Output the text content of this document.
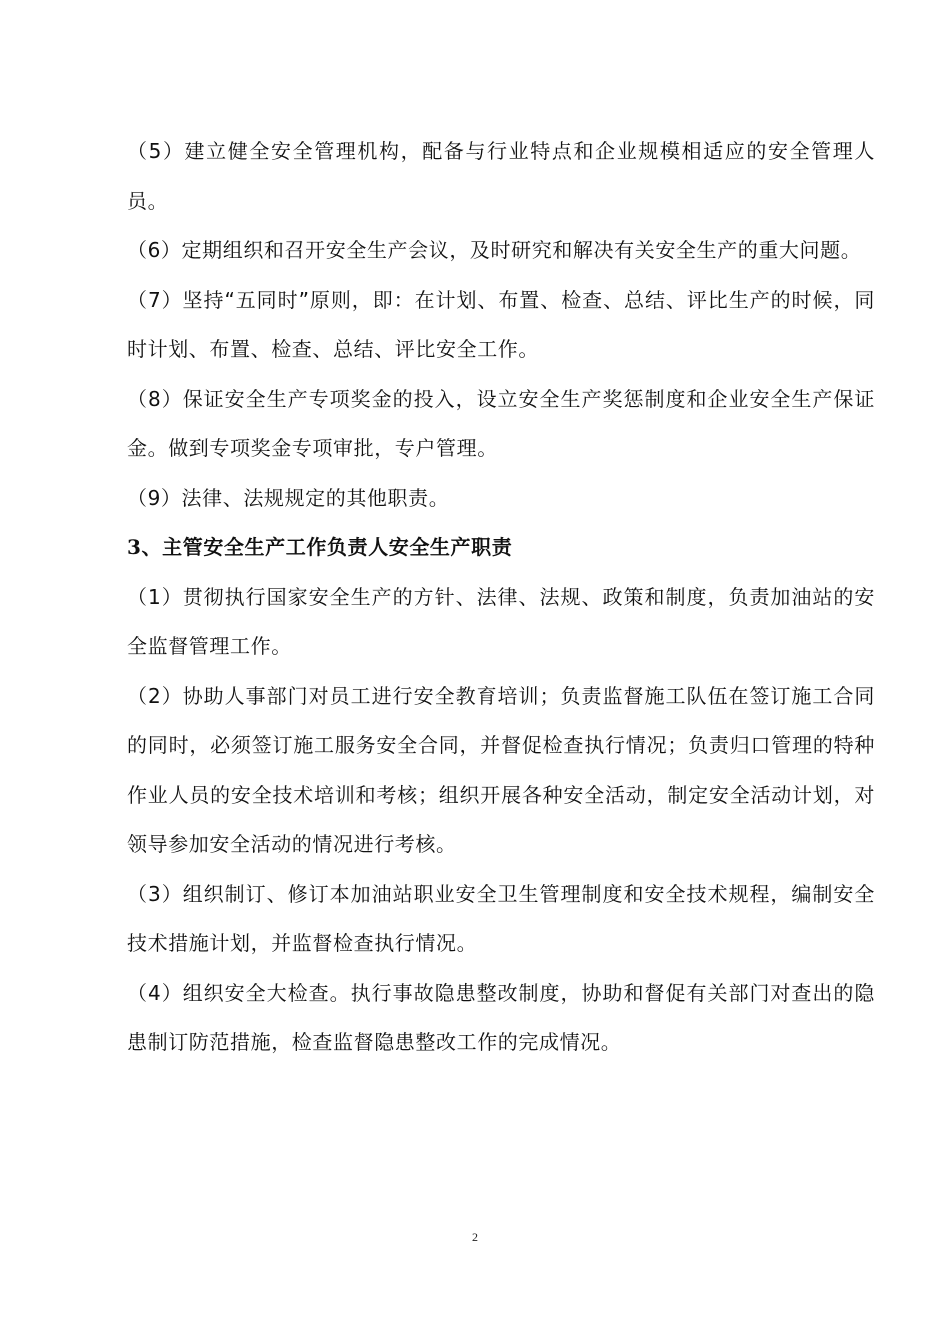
（5）建立健全安全管理机构，配备与行业特点和企业规模相适应的安全管理人员。

（6）定期组织和召开安全生产会议，及时研究和解决有关安全生产的重大问题。

（7）坚持“五同时”原则，即：在计划、布置、检查、总结、评比生产的时候，同时计划、布置、检查、总结、评比安全工作。

（8）保证安全生产专项奖金的投入，设立安全生产奖惩制度和企业安全生产保证金。做到专项奖金专项审批，专户管理。

（9）法律、法规规定的其他职责。

3、主管安全生产工作负责人安全生产职责

（1）贯彻执行国家安全生产的方针、法律、法规、政策和制度，负责加油站的安全监督管理工作。

（2）协助人事部门对员工进行安全教育培训；负责监督施工队伍在签订施工合同的同时，必须签订施工服务安全合同，并督促检查执行情况；负责归口管理的特种作业人员的安全技术培训和考核；组织开展各种安全活动，制定安全活动计划，对领导参加安全活动的情况进行考核。

（3）组织制订、修订本加油站职业安全卫生管理制度和安全技术规程，编制安全技术措施计划，并监督检查执行情况。

（4）组织安全大检查。执行事故隐患整改制度，协助和督促有关部门对查出的隐患制订防范措施，检查监督隐患整改工作的完成情况。

2
